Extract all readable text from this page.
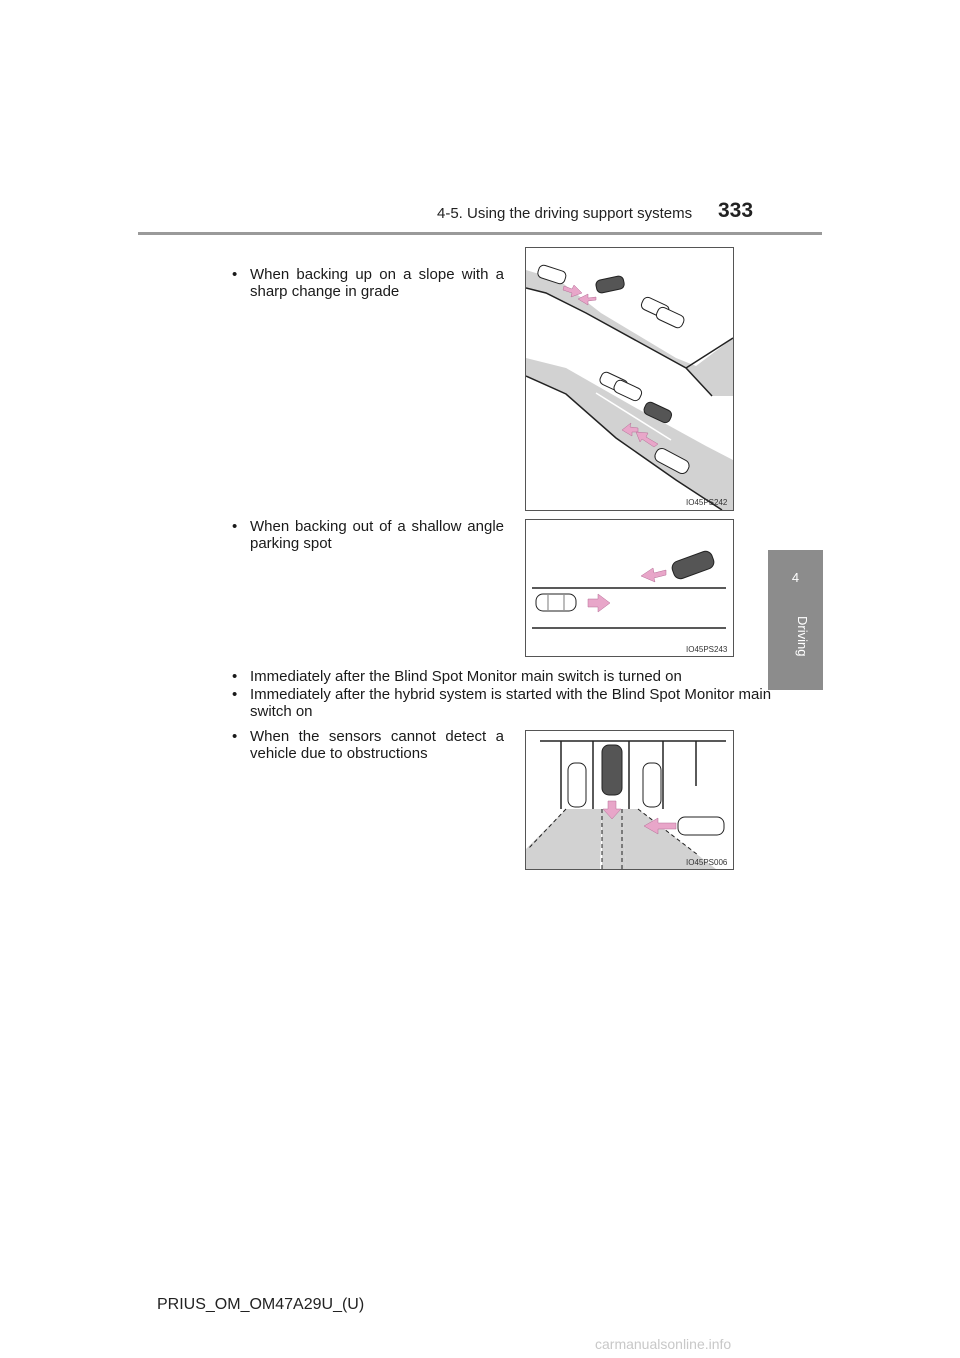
4-5. Using the driving support systems 333
4
Driving
• When backing up on a slope with a sharp change in grade
IO45PS242
• When backing out of a shallow angle parking spot
IO45PS243
• Immediately after the Blind Spot Monitor main switch is turned on
• Immediately after the hybrid system is started with the Blind Spot Monitor main switch on
• When the sensors cannot detect a vehicle due to obstructions
IO45PS006
PRIUS_OM_OM47A29U_(U)
carmanualsonline.info
